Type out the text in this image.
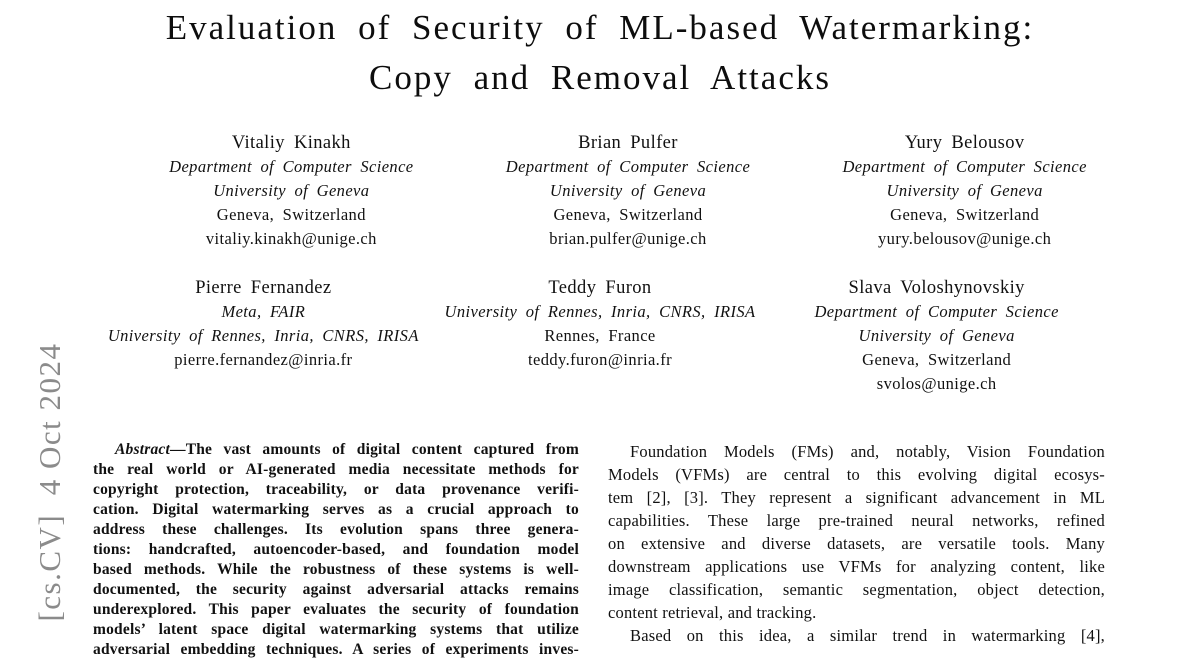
[cs.CV]  4 Oct 2024
Evaluation of Security of ML-based Watermarking:
Copy and Removal Attacks
Vitaliy Kinakh
Department of Computer Science
University of Geneva
Geneva, Switzerland
vitaliy.kinakh@unige.ch
Brian Pulfer
Department of Computer Science
University of Geneva
Geneva, Switzerland
brian.pulfer@unige.ch
Yury Belousov
Department of Computer Science
University of Geneva
Geneva, Switzerland
yury.belousov@unige.ch
Pierre Fernandez
Meta, FAIR
University of Rennes, Inria, CNRS, IRISA
pierre.fernandez@inria.fr
Teddy Furon
University of Rennes, Inria, CNRS, IRISA
Rennes, France
teddy.furon@inria.fr
Slava Voloshynovskiy
Department of Computer Science
University of Geneva
Geneva, Switzerland
svolos@unige.ch
Abstract—The vast amounts of digital content captured from
the real world or AI-generated media necessitate methods for
copyright protection, traceability, or data provenance verifi-
cation. Digital watermarking serves as a crucial approach to
address these challenges. Its evolution spans three genera-
tions: handcrafted, autoencoder-based, and foundation model
based methods. While the robustness of these systems is well-
documented, the security against adversarial attacks remains
underexplored. This paper evaluates the security of foundation
models’ latent space digital watermarking systems that utilize
adversarial embedding techniques. A series of experiments inves-
Foundation Models (FMs) and, notably, Vision Foundation
Models (VFMs) are central to this evolving digital ecosys-
tem [2], [3]. They represent a significant advancement in ML
capabilities. These large pre-trained neural networks, refined
on extensive and diverse datasets, are versatile tools. Many
downstream applications use VFMs for analyzing content, like
image classification, semantic segmentation, object detection,
content retrieval, and tracking.
Based on this idea, a similar trend in watermarking [4],
